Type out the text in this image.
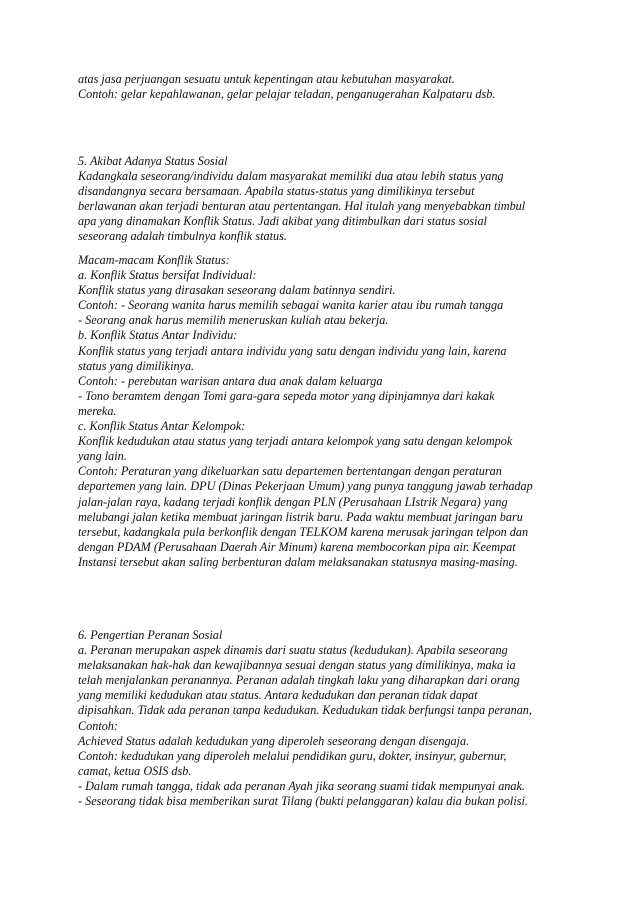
atas jasa perjuangan sesuatu untuk kepentingan atau kebutuhan masyarakat.
Contoh: gelar kepahlawanan, gelar pelajar teladan, penganugerahan Kalpataru dsb.
5. Akibat Adanya Status Sosial
Kadangkala seseorang/individu dalam masyarakat memiliki dua atau lebih status yang
disandangnya secara bersamaan. Apabila status-status yang dimilikinya tersebut
berlawanan akan terjadi benturan atau pertentangan. Hal itulah yang menyebabkan timbul
apa yang dinamakan Konflik Status. Jadi akibat yang ditimbulkan dari status sosial
seseorang adalah timbulnya konflik status.
Macam-macam Konflik Status:
a. Konflik Status bersifat Individual:
Konflik status yang dirasakan seseorang dalam batinnya sendiri.
Contoh: - Seorang wanita harus memilih sebagai wanita karier atau ibu rumah tangga
- Seorang anak harus memilih meneruskan kuliah atau bekerja.
b. Konflik Status Antar Individu:
Konflik status yang terjadi antara individu yang satu dengan individu yang lain, karena
status yang dimilikinya.
Contoh: - perebutan warisan antara dua anak dalam keluarga
- Tono beramtem dengan Tomi gara-gara sepeda motor yang dipinjamnya dari kakak
mereka.
c. Konflik Status Antar Kelompok:
Konflik kedudukan atau status yang terjadi antara kelompok yang satu dengan kelompok
yang lain.
Contoh: Peraturan yang dikeluarkan satu departemen bertentangan dengan peraturan
departemen yang lain. DPU (Dinas Pekerjaan Umum) yang punya tanggung jawab terhadap
jalan-jalan raya, kadang terjadi konflik dengan PLN (Perusahaan LIstrik Negara) yang
melubangi jalan ketika membuat jaringan listrik baru. Pada waktu membuat jaringan baru
tersebut, kadangkala pula berkonflik dengan TELKOM karena merusak jaringan telpon dan
dengan PDAM (Perusahaan Daerah Air Minum) karena membocorkan pipa air. Keempat
Instansi tersebut akan saling berbenturan dalam melaksanakan statusnya masing-masing.
6. Pengertian Peranan Sosial
a. Peranan merupakan aspek dinamis dari suatu status (kedudukan). Apabila seseorang
melaksanakan hak-hak dan kewajibannya sesuai dengan status yang dimilikinya, maka ia
telah menjalankan peranannya. Peranan adalah tingkah laku yang diharapkan dari orang
yang memiliki kedudukan atau status. Antara kedudukan dan peranan tidak dapat
dipisahkan. Tidak ada peranan tanpa kedudukan. Kedudukan tidak berfungsi tanpa peranan,
Contoh:
Achieved Status adalah kedudukan yang diperoleh seseorang dengan disengaja.
Contoh: kedudukan yang diperoleh melalui pendidikan guru, dokter, insinyur, gubernur,
camat, ketua OSIS dsb.
- Dalam rumah tangga, tidak ada peranan Ayah jika seorang suami tidak mempunyai anak.
- Seseorang tidak bisa memberikan surat Tilang (bukti pelanggaran) kalau dia bukan polisi.
